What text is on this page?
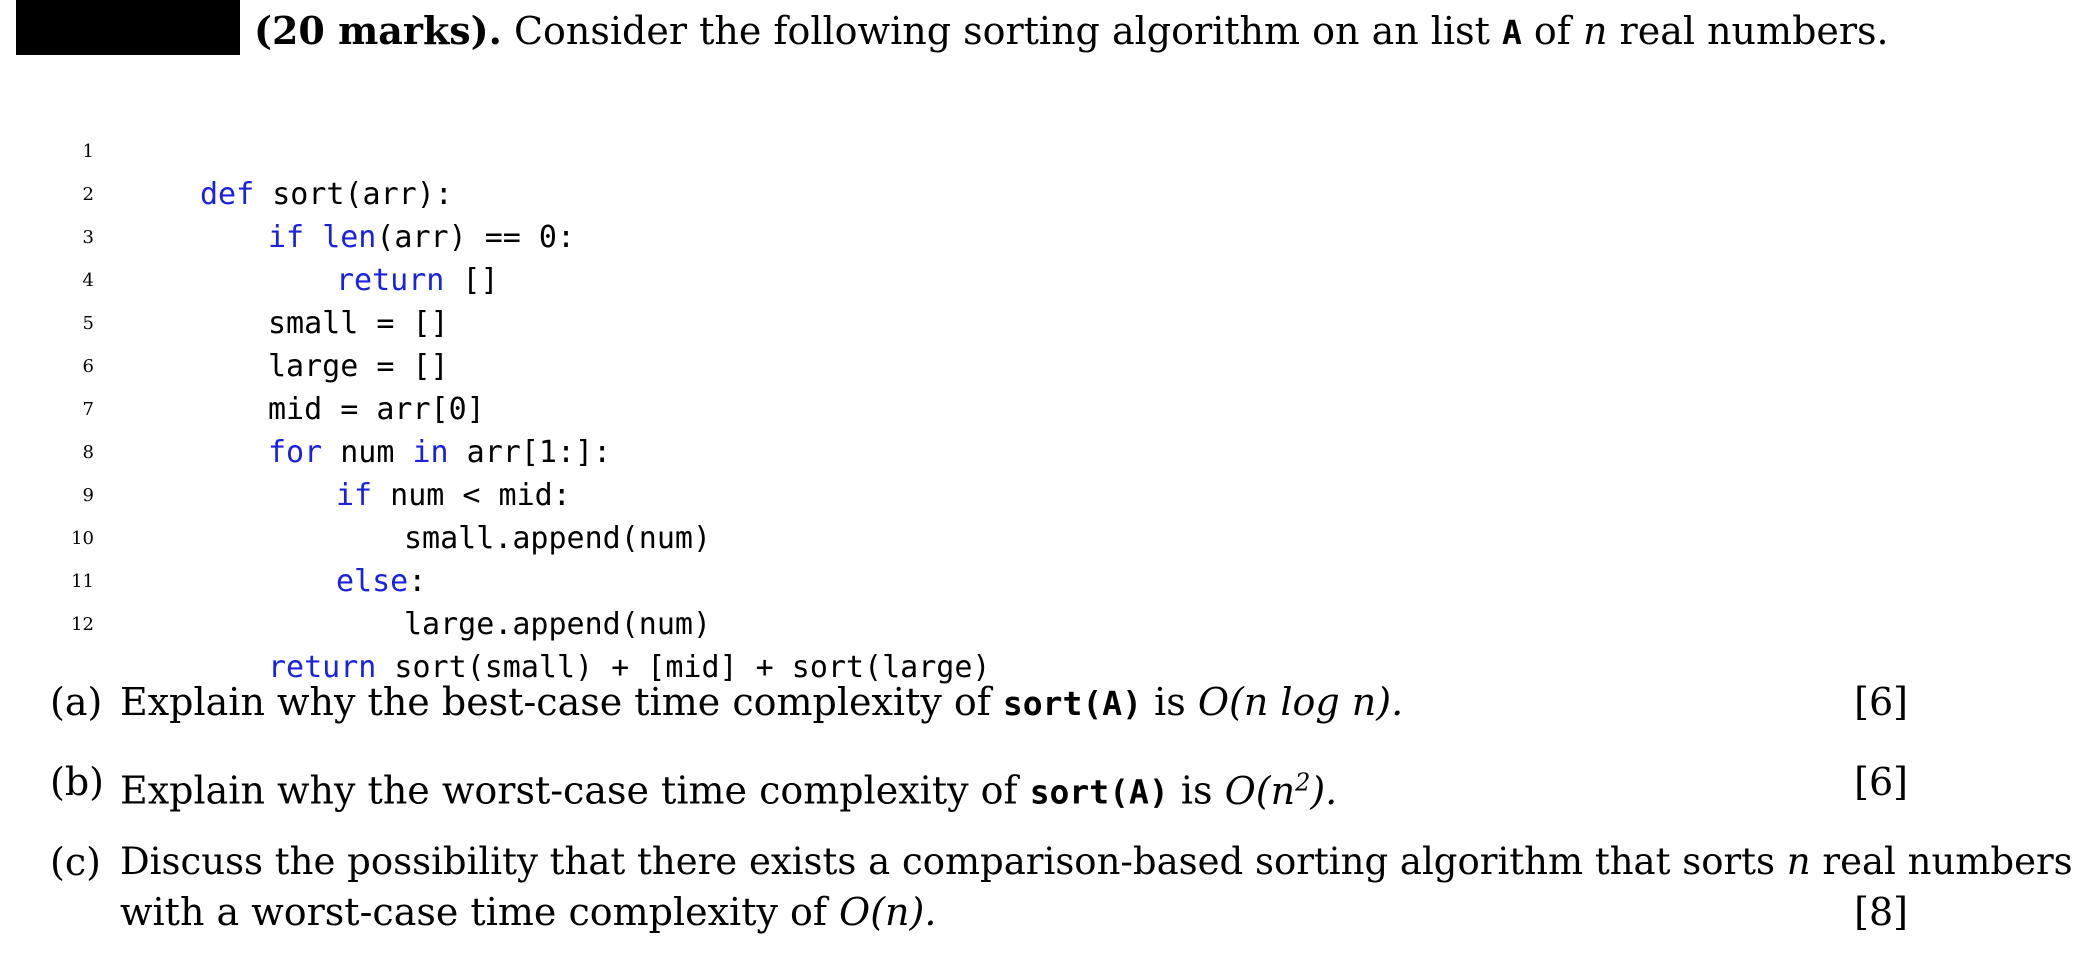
(20 marks). Consider the following sorting algorithm on an list A of n real numbers.

1

def sort(arr):

2

if len(arr) == 0:

3

return []

4

small = []

5

large = []

6

mid = arr[0]

7

for num in arr[1:]:

8

if num < mid:

9

small.append(num)

10

else:

11

large.append(num)

12

return sort(small) + [mid] + sort(large)

(a) Explain why the best-case time complexity of sort(A) is O(n log n).	[6]
(b) Explain why the worst-case time complexity of sort(A) is $O(n^2)$.	[6]
(c) Discuss the possibility that there exists a comparison-based sorting algorithm that sorts n real numbers
with a worst-case time complexity of O(n).	[8]
